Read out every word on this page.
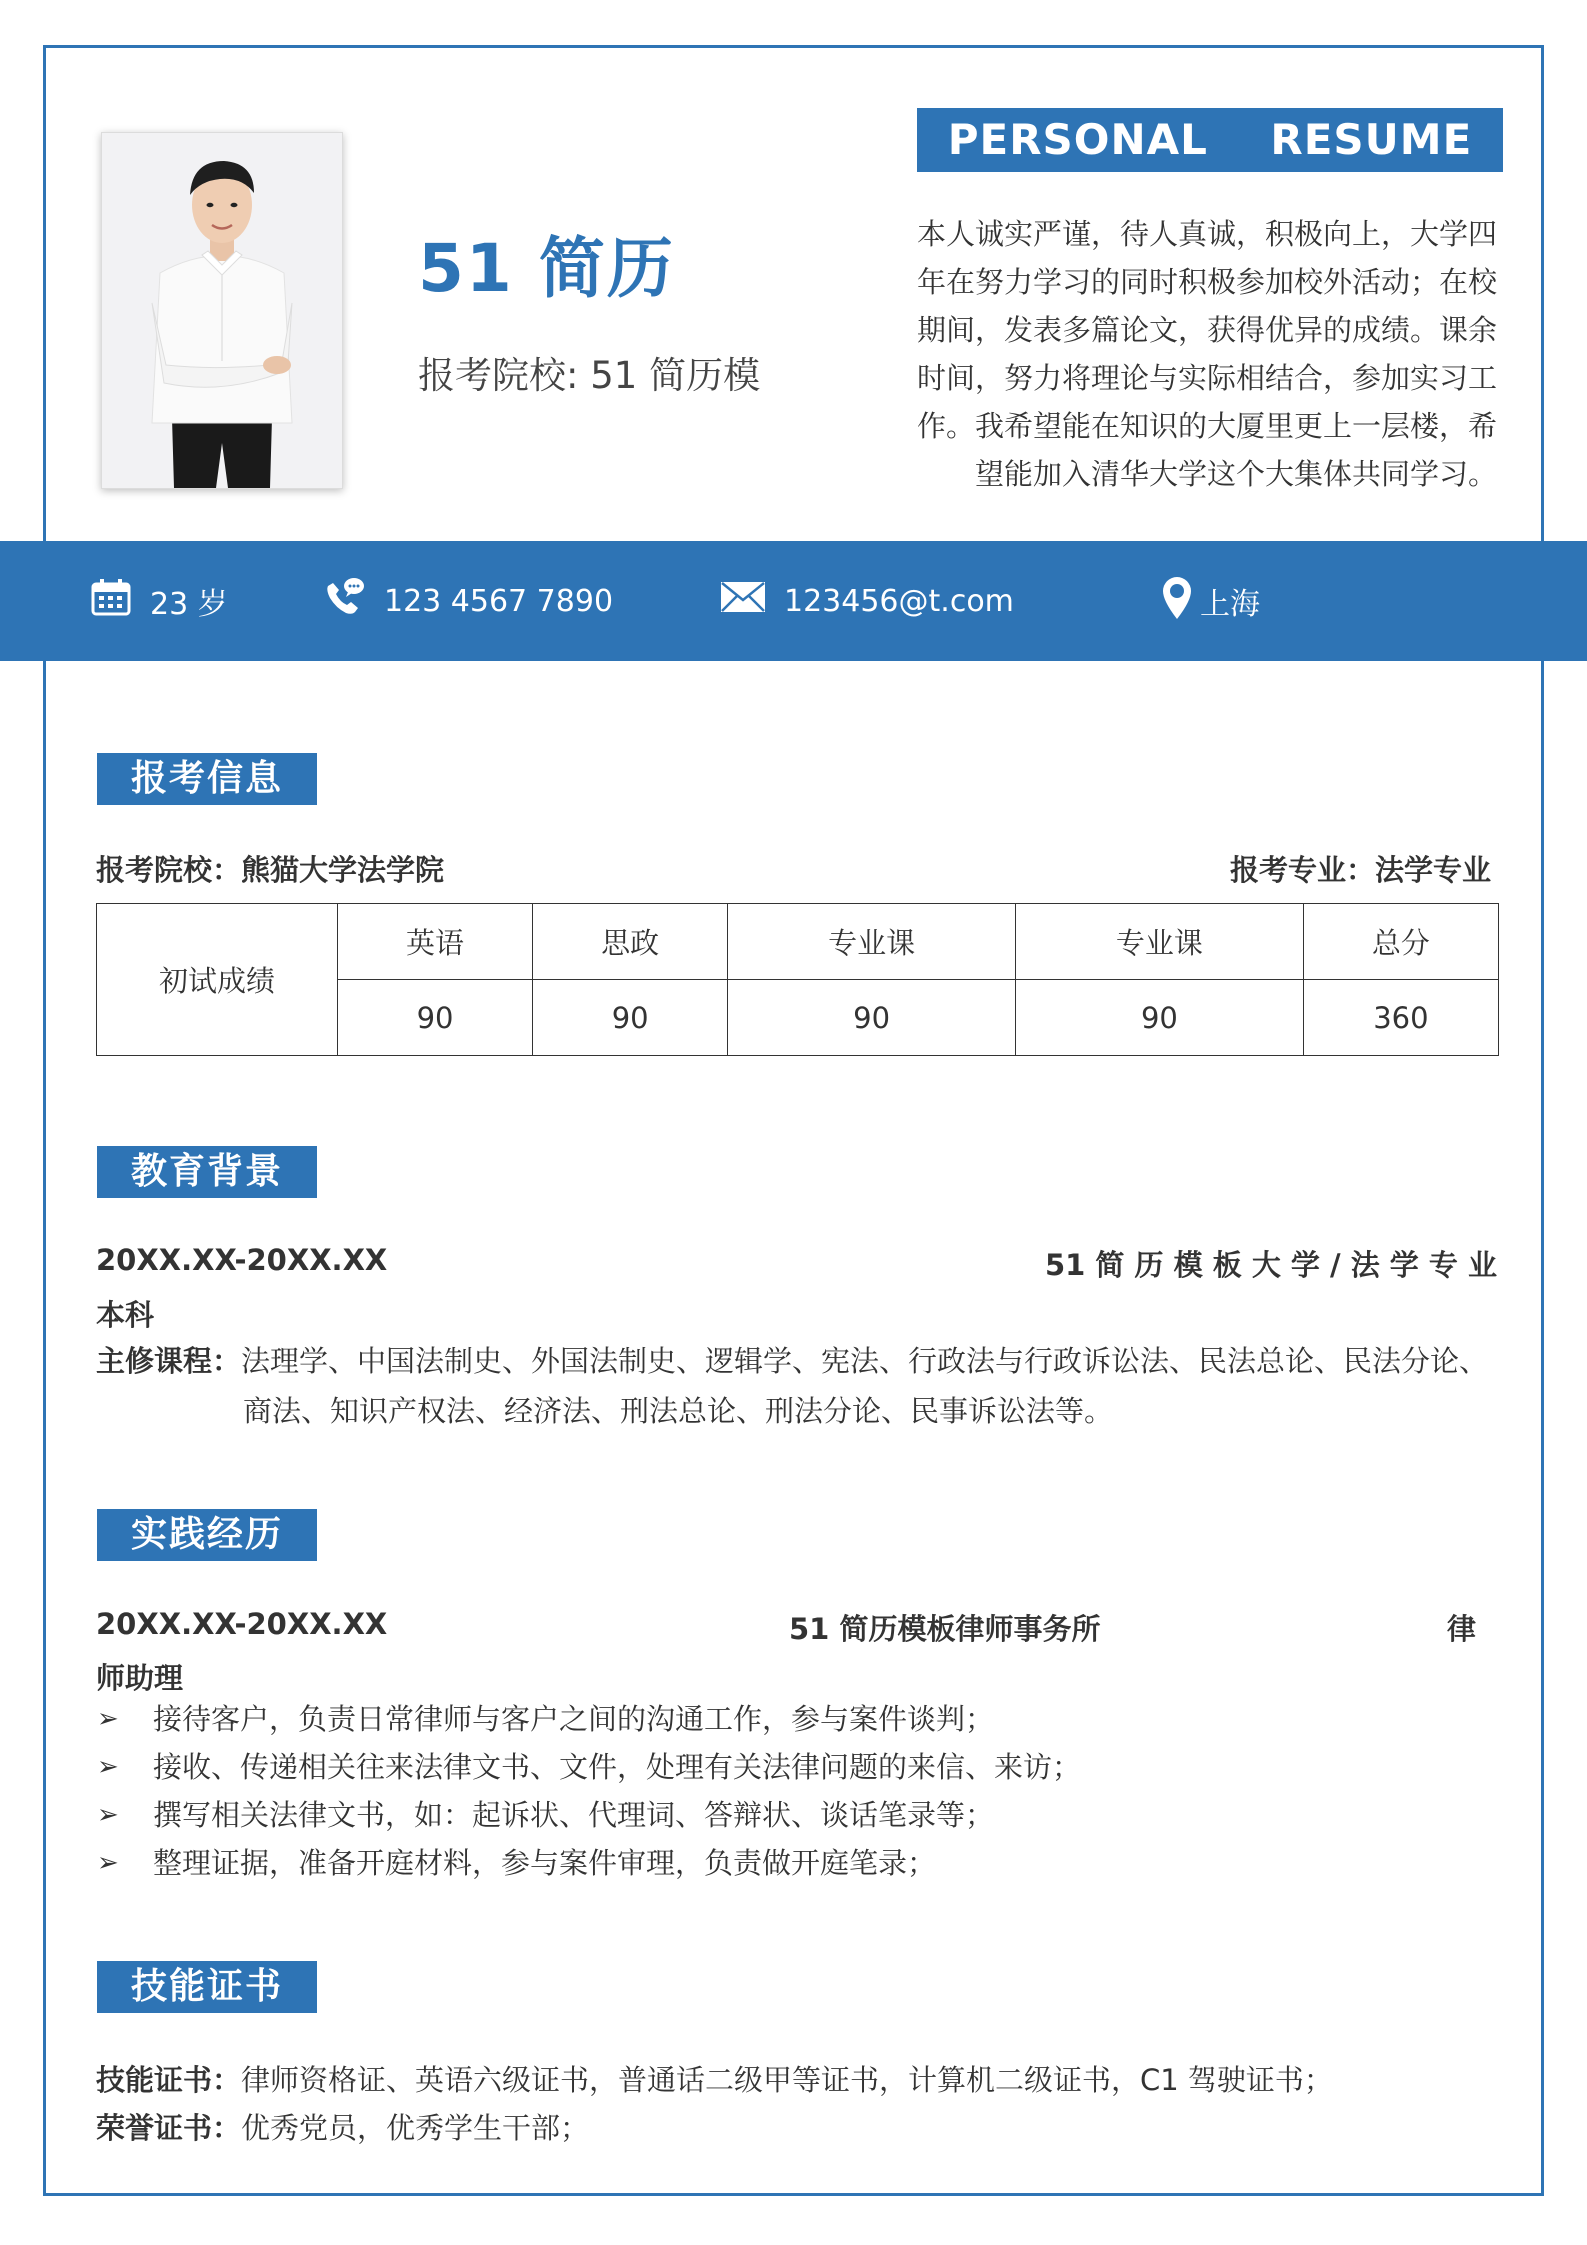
51 简历
报考院校: 51 简历模
PERSONAL    RESUME

本人诚实严谨，待人真诚，积极向上，大学四

年在努力学习的同时积极参加校外活动；在校

期间，发表多篇论文，获得优异的成绩。课余

时间，努力将理论与实际相结合，参加实习工

作。我希望能在知识的大厦里更上一层楼，希

望能加入清华大学这个大集体共同学习。

23 岁	123 4567 7890	123456@t.com	上海
报考信息
报考院校：熊猫大学法学院	报考专业：法学专业
初试成绩	英语	思政	专业课	专业课	总分
	90	90	90	90	360
教育背景
20XX.XX-20XX.XX	51 简 历 模 板 大 学 / 法 学 专 业
本科
主修课程：法理学、中国法制史、外国法制史、逻辑学、宪法、行政法与行政诉讼法、民法总论、民法分论、
商法、知识产权法、经济法、刑法总论、刑法分论、民事诉讼法等。
实践经历
20XX.XX-20XX.XX	51 简历模板律师事务所	律
师助理
➢	接待客户，负责日常律师与客户之间的沟通工作，参与案件谈判；
➢	接收、传递相关往来法律文书、文件，处理有关法律问题的来信、来访；
➢	撰写相关法律文书，如：起诉状、代理词、答辩状、谈话笔录等；
➢	整理证据，准备开庭材料，参与案件审理，负责做开庭笔录；
技能证书
技能证书：律师资格证、英语六级证书，普通话二级甲等证书，计算机二级证书，C1 驾驶证书；
荣誉证书：优秀党员，优秀学生干部；
